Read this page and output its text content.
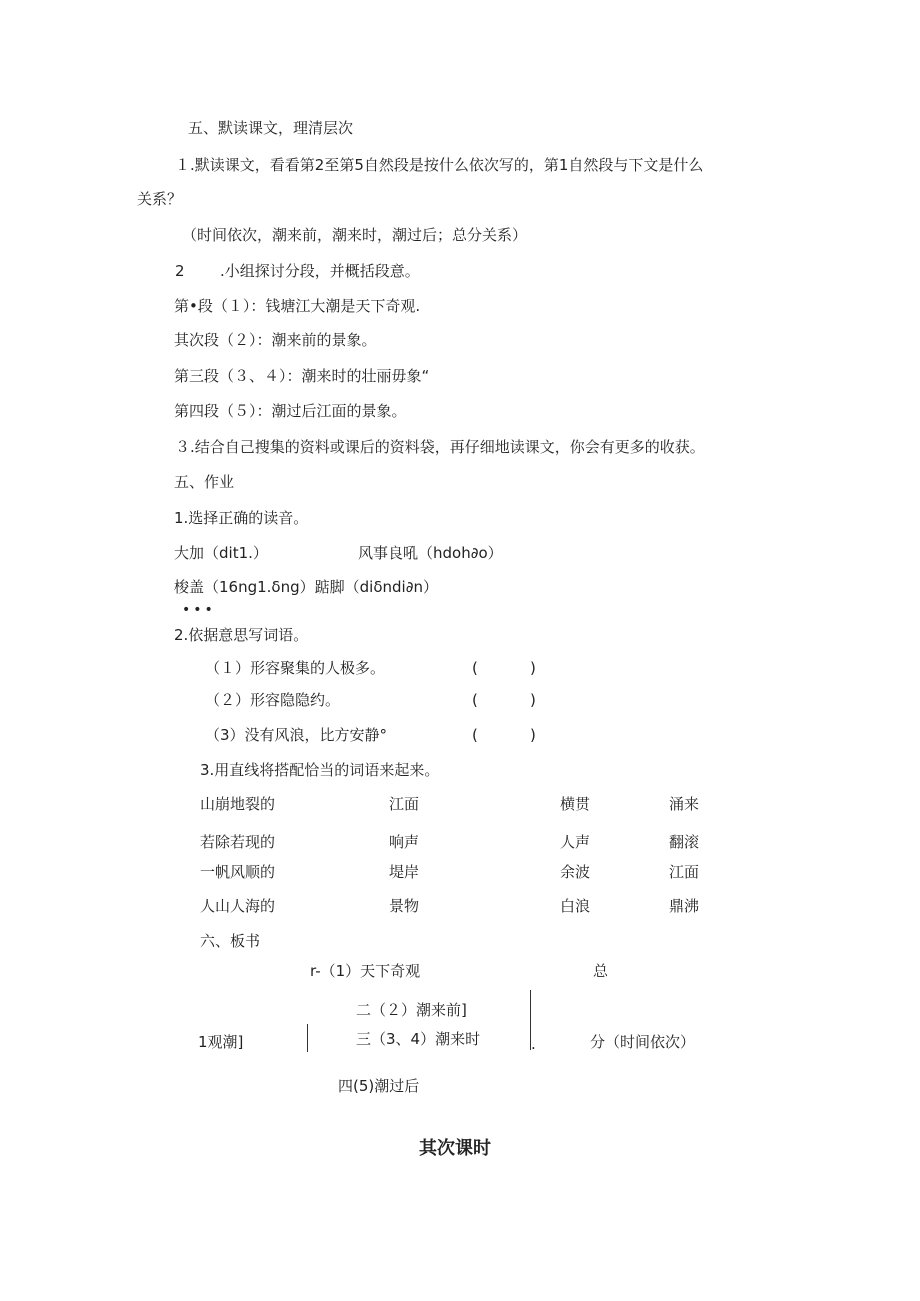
五、默读课文，理清层次
１.默读课文，看看第2至第5自然段是按什么依次写的，第1自然段与下文是什么
关系？
（时间依次，潮来前，潮来时，潮过后；总分关系）
2 .小组探讨分段，并概括段意。
第•段（１）：钱塘江大潮是天下奇观.
其次段（２）：潮来前的景象。
第三段（３、４）：潮来时的壮丽毋象“
第四段（５）：潮过后江面的景象。
３.结合自己搜集的资料或课后的资料袋，再仔细地读课文，你会有更多的收获。
五、作业
1.选择正确的读音。
大加（dit1.）	风事良吼（hdoh∂o）
梭盖（16ng1.δng）踮脚（diδndi∂n）
•••
2.依据意思写词语。
（１）形容聚集的人极多。	(	)
（２）形容隐隐约。	(	)
（3）没有风浪，比方安静°	(	)
3.用直线将搭配恰当的词语来起来。
山崩地裂的	江面	横贯	涌来
若除若现的	响声	人声	翻滚
一帆风顺的	堤岸	余波	江面
人山人海的	景物	白浪	鼎沸
六、板书
r-（1）天下奇观	总
二（２）潮来前]
三（3、4）潮来时
1观潮]	.	分（时间依次）
四(5)潮过后
其次课时
